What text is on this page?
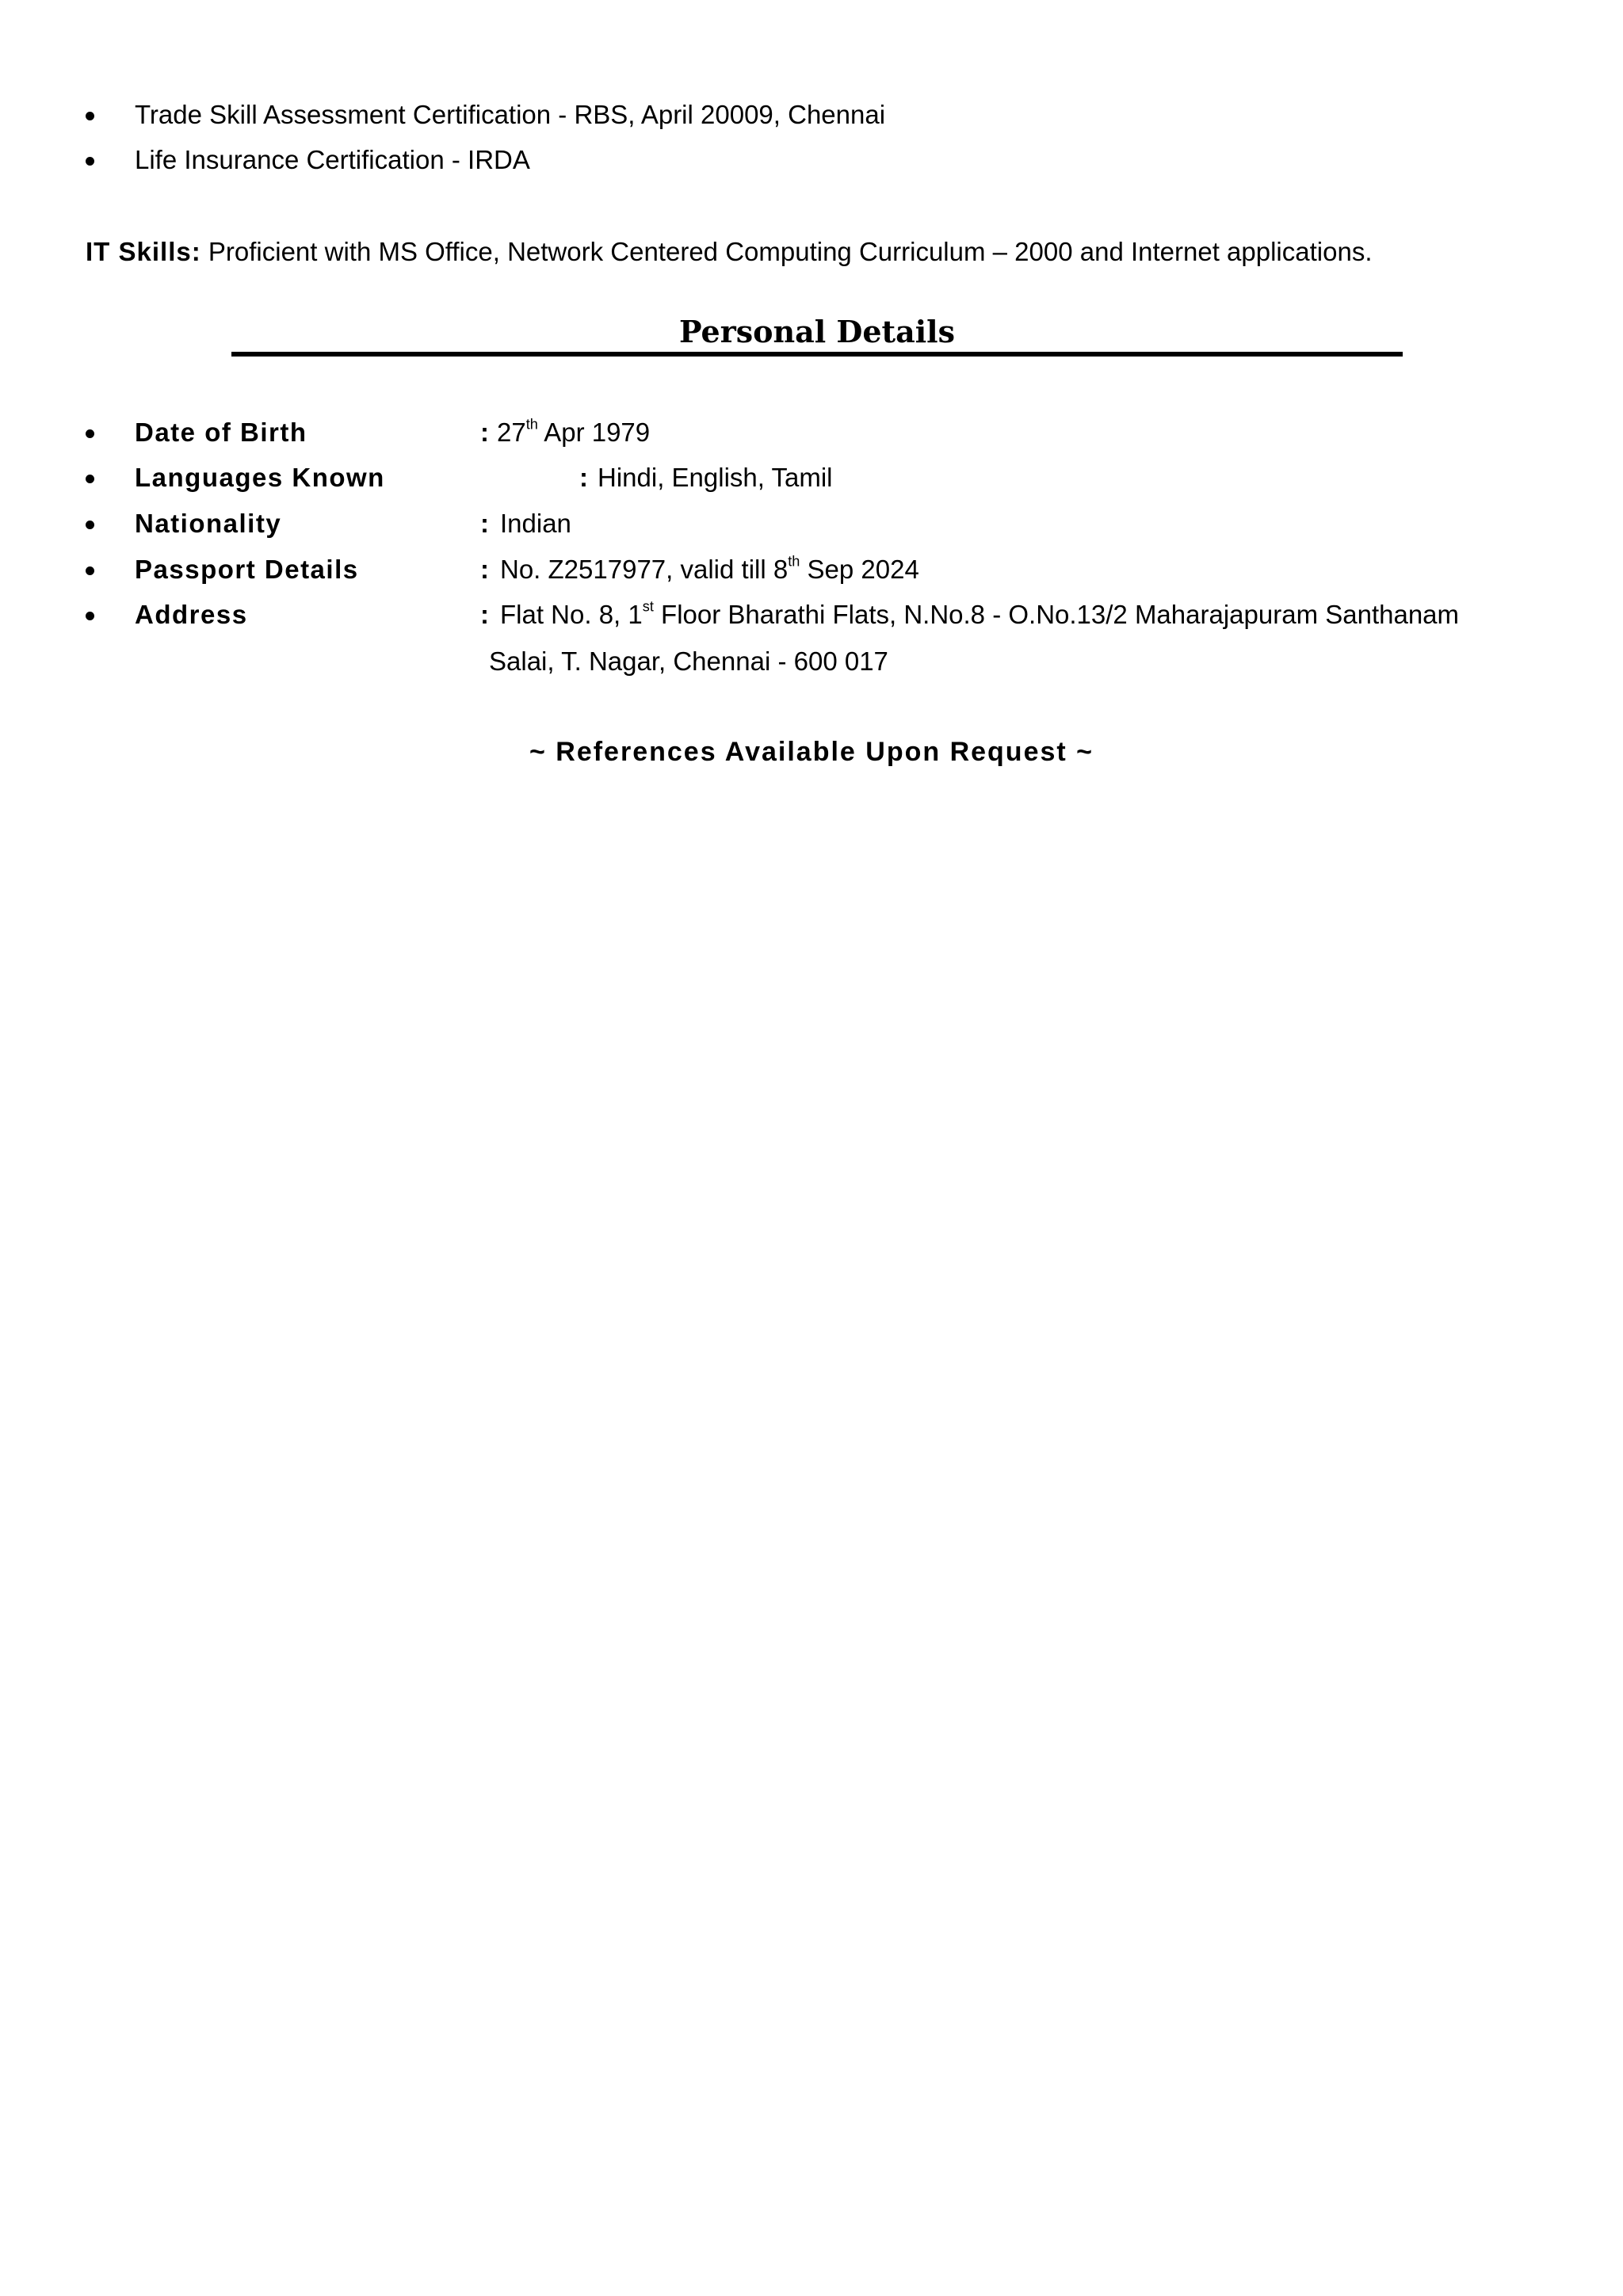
Trade Skill Assessment Certification - RBS, April 20009, Chennai
Life Insurance Certification - IRDA
IT Skills: Proficient with MS Office, Network Centered Computing Curriculum – 2000 and Internet applications.
Personal Details
Date of Birth	: 27th Apr 1979
Languages Known	: Hindi, English, Tamil
Nationality	: Indian
Passport Details	: No. Z2517977, valid till 8th Sep 2024
Address	: Flat No. 8, 1st Floor Bharathi Flats, N.No.8 - O.No.13/2 Maharajapuram Santhanam
Salai, T. Nagar, Chennai - 600 017
~ References Available Upon Request ~
